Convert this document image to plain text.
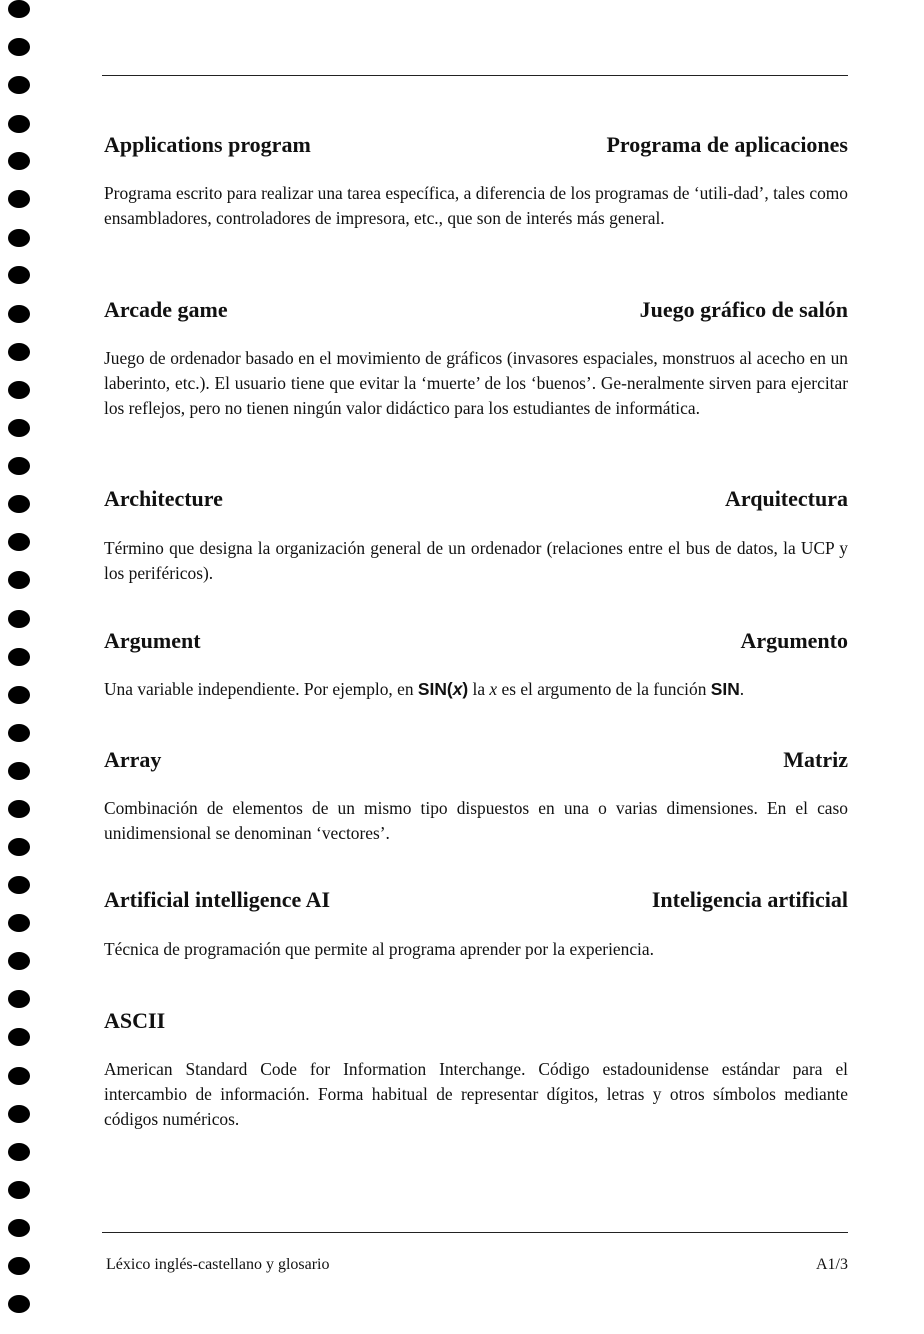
Applications program	Programa de aplicaciones
Programa escrito para realizar una tarea específica, a diferencia de los programas de ‘utili-dad’, tales como ensambladores, controladores de impresora, etc., que son de interés más general.
Arcade game	Juego gráfico de salón
Juego de ordenador basado en el movimiento de gráficos (invasores espaciales, monstruos al acecho en un laberinto, etc.). El usuario tiene que evitar la ‘muerte’ de los ‘buenos’. Ge-neralmente sirven para ejercitar los reflejos, pero no tienen ningún valor didáctico para los estudiantes de informática.
Architecture	Arquitectura
Término que designa la organización general de un ordenador (relaciones entre el bus de datos, la UCP y los periféricos).
Argument	Argumento
Una variable independiente. Por ejemplo, en SIN(x) la x es el argumento de la función SIN.
Array	Matriz
Combinación de elementos de un mismo tipo dispuestos en una o varias dimensiones. En el caso unidimensional se denominan ‘vectores’.
Artificial intelligence AI	Inteligencia artificial
Técnica de programación que permite al programa aprender por la experiencia.
ASCII
American Standard Code for Information Interchange. Código estadounidense estándar para el intercambio de información. Forma habitual de representar dígitos, letras y otros símbolos mediante códigos numéricos.
Léxico inglés-castellano y glosario	A1/3
